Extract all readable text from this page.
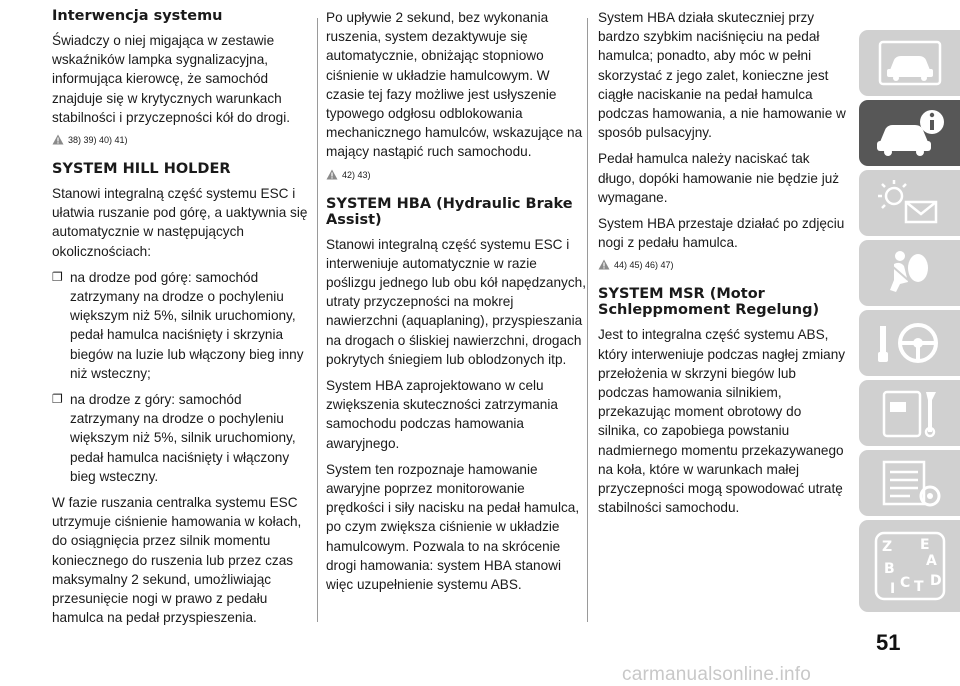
Interwencja systemu

Świadczy o niej migająca w zestawie wskaźników lampka sygnalizacyjna, informująca kierowcę, że samochód znajduje się w krytycznych warunkach stabilności i przyczepności kół do drogi.

38) 39) 40) 41)
SYSTEM HILL HOLDER

Stanowi integralną część systemu ESC i ułatwia ruszanie pod górę, a uaktywnia się automatycznie w następujących okolicznościach:

❐ na drodze pod górę: samochód zatrzymany na drodze o pochyleniu większym niż 5%, silnik uruchomiony, pedał hamulca naciśnięty i skrzynia biegów na luzie lub włączony bieg inny niż wsteczny;
❐ na drodze z góry: samochód zatrzymany na drodze o pochyleniu większym niż 5%, silnik uruchomiony, pedał hamulca naciśnięty i włączony bieg wsteczny.

W fazie ruszania centralka systemu ESC utrzymuje ciśnienie hamowania w kołach, do osiągnięcia przez silnik momentu koniecznego do ruszenia lub przez czas maksymalny 2 sekund, umożliwiając przesunięcie nogi w prawo z pedału hamulca na pedał przyspieszenia.

Po upływie 2 sekund, bez wykonania ruszenia, system dezaktywuje się automatycznie, obniżając stopniowo ciśnienie w układzie hamulcowym. W czasie tej fazy możliwe jest usłyszenie typowego odgłosu odblokowania mechanicznego hamulców, wskazujące na mający nastąpić ruch samochodu.

42) 43)
SYSTEM HBA (Hydraulic Brake Assist)

Stanowi integralną część systemu ESC i interweniuje automatycznie w razie poślizgu jednego lub obu kół napędzanych, utraty przyczepności na mokrej nawierzchni (aquaplaning), przyspieszania na drogach o śliskiej nawierzchni, drogach pokrytych śniegiem lub oblodzonych itp.

System HBA zaprojektowano w celu zwiększenia skuteczności zatrzymania samochodu podczas hamowania awaryjnego.

System ten rozpoznaje hamowanie awaryjne poprzez monitorowanie prędkości i siły nacisku na pedał hamulca, po czym zwiększa ciśnienie w układzie hamulcowym. Pozwala to na skrócenie drogi hamowania: system HBA stanowi więc uzupełnienie systemu ABS.

System HBA działa skuteczniej przy bardzo szybkim naciśnięciu na pedał hamulca; ponadto, aby móc w pełni skorzystać z jego zalet, konieczne jest ciągłe naciskanie na pedał hamulca podczas hamowania, a nie hamowanie w sposób pulsacyjny.

Pedał hamulca należy naciskać tak długo, dopóki hamowanie nie będzie już wymagane.

System HBA przestaje działać po zdjęciu nogi z pedału hamulca.

44) 45) 46) 47)
SYSTEM MSR (Motor Schleppmoment Regelung)

Jest to integralna część systemu ABS, który interweniuje podczas nagłej zmiany przełożenia w skrzyni biegów lub podczas hamowania silnikiem, przekazując moment obrotowy do silnika, co zapobiega powstaniu nadmiernego momentu przekazywanego na koła, które w warunkach małej przyczepności mogą spowodować utratę stabilności samochodu.

Z E
A
B
C T
I D
51
carmanualsonline.info
